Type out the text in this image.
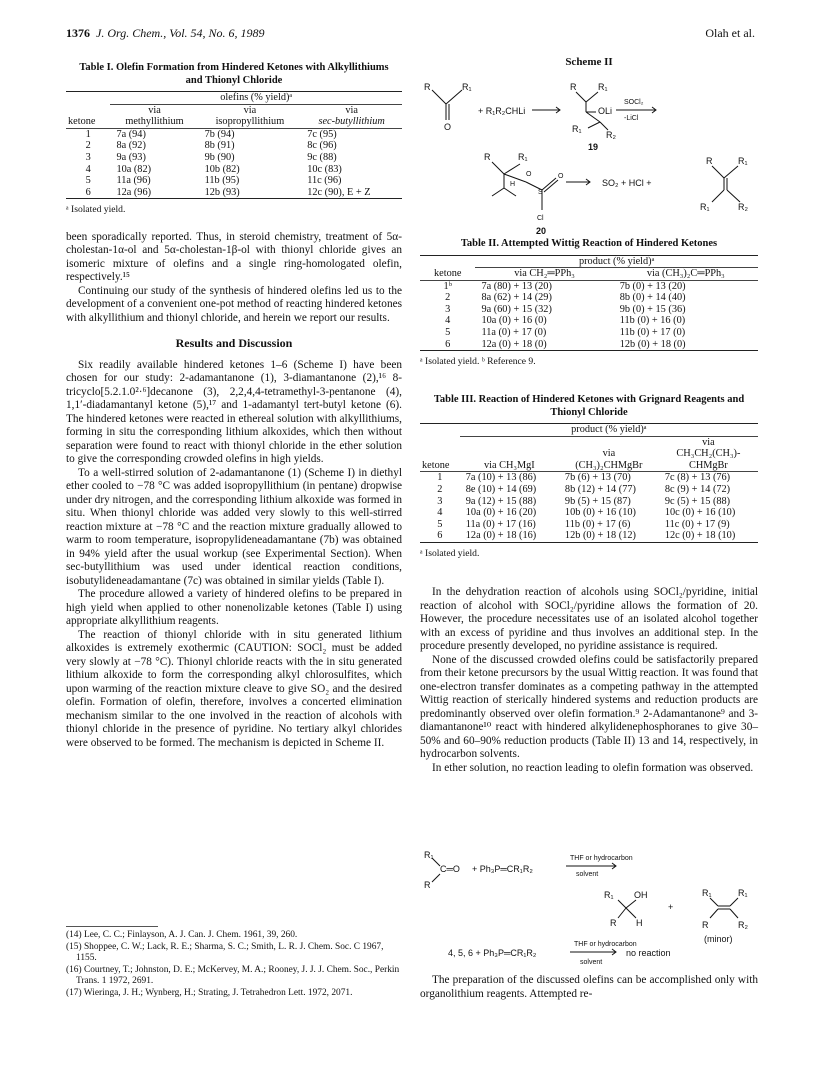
1376 J. Org. Chem., Vol. 54, No. 6, 1989	Olah et al.
Table I. Olefin Formation from Hindered Ketones with Alkyllithiums and Thionyl Chloride
	olefins (% yield)ᵃ		
	via	via	via
ketone	methyllithium	isopropyllithium	sec-butyllithium
1	7a (94)	7b (94)	7c (95)
2	8a (92)	8b (91)	8c (96)
3	9a (93)	9b (90)	9c (88)
4	10a (82)	10b (82)	10c (83)
5	11a (96)	11b (95)	11c (96)
6	12a (96)	12b (93)	12c (90), E + Z
ᵃ Isolated yield.

been sporadically reported. Thus, in steroid chemistry, treatment of 5α-cholestan-1α-ol and 5α-cholestan-1β-ol with thionyl chloride gives an isomeric mixture of olefins and a single ring-homologated olefin, respectively.¹⁵

Continuing our study of the synthesis of hindered olefins led us to the development of a convenient one-pot method of reacting hindered ketones with alkyllithium and thionyl chloride, and herein we report our results.

Results and Discussion

Six readily available hindered ketones 1–6 (Scheme I) have been chosen for our study: 2-adamantanone (1), 3-diamantanone (2),¹⁶ 8-tricyclo[5.2.1.0²·⁶]decanone (3), 2,2,4,4-tetramethyl-3-pentanone (4), 1,1′-diadamantanyl ketone (5),¹⁷ and 1-adamantyl tert-butyl ketone (6). The hindered ketones were reacted in ethereal solution with alkyllithiums, forming in situ the corresponding lithium alkoxides, which then without separation were found to react with thionyl chloride in the ether solution to give the corresponding crowded olefins in high yields.

To a well-stirred solution of 2-adamantanone (1) (Scheme I) in diethyl ether cooled to −78 °C was added isopropyllithium (in pentane) dropwise under dry nitrogen, and the corresponding lithium alkoxide was formed in situ. When thionyl chloride was added very slowly to this well-stirred reaction mixture at −78 °C and the reaction mixture gradually allowed to warm to room temperature, isopropylideneadamantane (7b) was obtained in 94% yield after the usual workup (see Experimental Section). When sec-butyllithium was used under identical reaction conditions, isobutylideneadamantane (7c) was obtained in similar yields (Table I).

The procedure allowed a variety of hindered olefins to be prepared in high yield when applied to other nonenolizable ketones (Table I) using appropriate alkyllithium reagents.

The reaction of thionyl chloride with in situ generated lithium alkoxides is extremely exothermic (CAUTION: SOCl₂ must be added very slowly at −78 °C). Thionyl chloride reacts with the in situ generated lithium alkoxide to form the corresponding alkyl chlorosulfites, which upon warming of the reaction mixture cleave to give SO₂ and the desired olefin. Formation of olefin, therefore, involves a concerted elimination mechanism similar to the one involved in the reaction of alcohols with thionyl chloride in the presence of pyridine. No tertiary alkyl chlorides were observed to be formed. The mechanism is depicted in Scheme II.

(14) Lee, C. C.; Finlayson, A. J. Can. J. Chem. 1961, 39, 260.

(15) Shoppee, C. W.; Lack, R. E.; Sharma, S. C.; Smith, L. R. J. Chem. Soc. C 1967, 1155.

(16) Courtney, T.; Johnston, D. E.; McKervey, M. A.; Rooney, J. J. J. Chem. Soc., Perkin Trans. 1 1972, 2691.

(17) Wieringa, J. H.; Wynberg, H.; Strating, J. Tetrahedron Lett. 1972, 2071.

Scheme II
R	R₁
O
+ R₁R₂CHLi
R R₁
OLi
R₁
R₂
19
SOCl₂
-LiCl
R	R₁
H
O
S
O
Cl
20
SO₂ + HCl +
R	R₁
R₁	R₂
Table II. Attempted Wittig Reaction of Hindered Ketones
	product (% yield)ᵃ	
ketone	via CH₂═PPh₃	via (CH₃)₂C═PPh₃
1ᵇ	7a (80) + 13 (20)	7b (0) + 13 (20)
2	8a (62) + 14 (29)	8b (0) + 14 (40)
3	9a (60) + 15 (32)	9b (0) + 15 (36)
4	10a (0) + 16 (0)	11b (0) + 16 (0)
5	11a (0) + 17 (0)	11b (0) + 17 (0)
6	12a (0) + 18 (0)	12b (0) + 18 (0)
ᵃ Isolated yield. ᵇ Reference 9.
Table III. Reaction of Hindered Ketones with Grignard Reagents and Thionyl Chloride
	product (% yield)ᵃ		
			via
		via	CH₃CH₂(CH₃)-
ketone	via CH₃MgI	(CH₃)₂CHMgBr	CHMgBr
1	7a (10) + 13 (86)	7b (6) + 13 (70)	7c (8) + 13 (76)
2	8e (10) + 14 (69)	8b (12) + 14 (77)	8c (9) + 14 (72)
3	9a (12) + 15 (88)	9b (5) + 15 (87)	9c (5) + 15 (88)
4	10a (0) + 16 (20)	10b (0) + 16 (10)	10c (0) + 16 (10)
5	11a (0) + 17 (16)	11b (0) + 17 (6)	11c (0) + 17 (9)
6	12a (0) + 18 (16)	12b (0) + 18 (12)	12c (0) + 18 (10)
ᵃ Isolated yield.

In the dehydration reaction of alcohols using SOCl₂/pyridine, initial reaction of alcohol with SOCl₂/pyridine allows the formation of 20. However, the procedure necessitates use of an isolated alcohol together with an excess of pyridine and thus involves an additional step. In the procedure presently developed, no pyridine assistance is required.

None of the discussed crowded olefins could be satisfactorily prepared from their ketone precursors by the usual Wittig reaction. It was found that one-electron transfer dominates as a competing pathway in the attempted Wittig reaction of sterically hindered systems and reduction products are predominantly observed over olefin formation.⁹ 2-Adamantanone⁹ and 3-diamantanone¹⁰ react with hindered alkylidenephosphoranes to give 30–50% and 60–90% reduction products (Table II) 13 and 14, respectively, in hydrocarbon solvents.

In ether solution, no reaction leading to olefin formation was observed.

R₁
R
C═O + Ph₃P═CR₁R₂
THF or hydrocarbon
solvent
R₁ OH
R H
+
R₁	R₁
R	R₂
(minor)
4, 5, 6 + Ph₃P═CR₁R₂
THF or hydrocarbon
solvent
no reaction

The preparation of the discussed olefins can be accomplished only with organolithium reagents. Attempted re-
